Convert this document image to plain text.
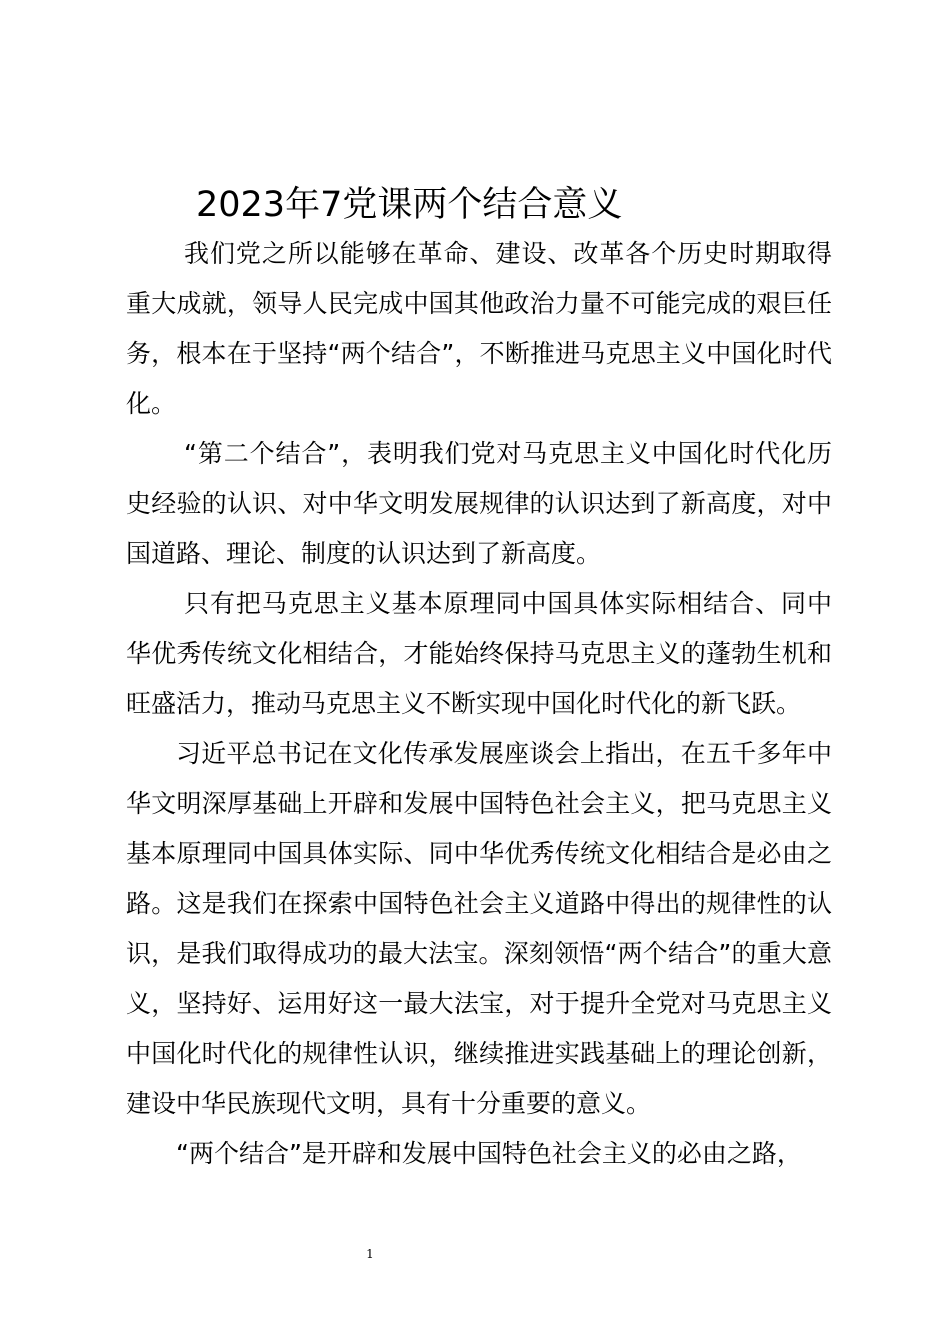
2023年7党课两个结合意义

我们党之所以能够在革命、建设、改革各个历史时期取得重大成就，领导人民完成中国其他政治力量不可能完成的艰巨任务，根本在于坚持“两个结合”，不断推进马克思主义中国化时代化。

“第二个结合”，表明我们党对马克思主义中国化时代化历史经验的认识、对中华文明发展规律的认识达到了新高度，对中国道路、理论、制度的认识达到了新高度。

只有把马克思主义基本原理同中国具体实际相结合、同中华优秀传统文化相结合，才能始终保持马克思主义的蓬勃生机和旺盛活力，推动马克思主义不断实现中国化时代化的新飞跃。

习近平总书记在文化传承发展座谈会上指出，在五千多年中华文明深厚基础上开辟和发展中国特色社会主义，把马克思主义基本原理同中国具体实际、同中华优秀传统文化相结合是必由之路。这是我们在探索中国特色社会主义道路中得出的规律性的认识，是我们取得成功的最大法宝。深刻领悟“两个结合”的重大意义，坚持好、运用好这一最大法宝，对于提升全党对马克思主义中国化时代化的规律性认识，继续推进实践基础上的理论创新，建设中华民族现代文明，具有十分重要的意义。

“两个结合”是开辟和发展中国特色社会主义的必由之路，

1
